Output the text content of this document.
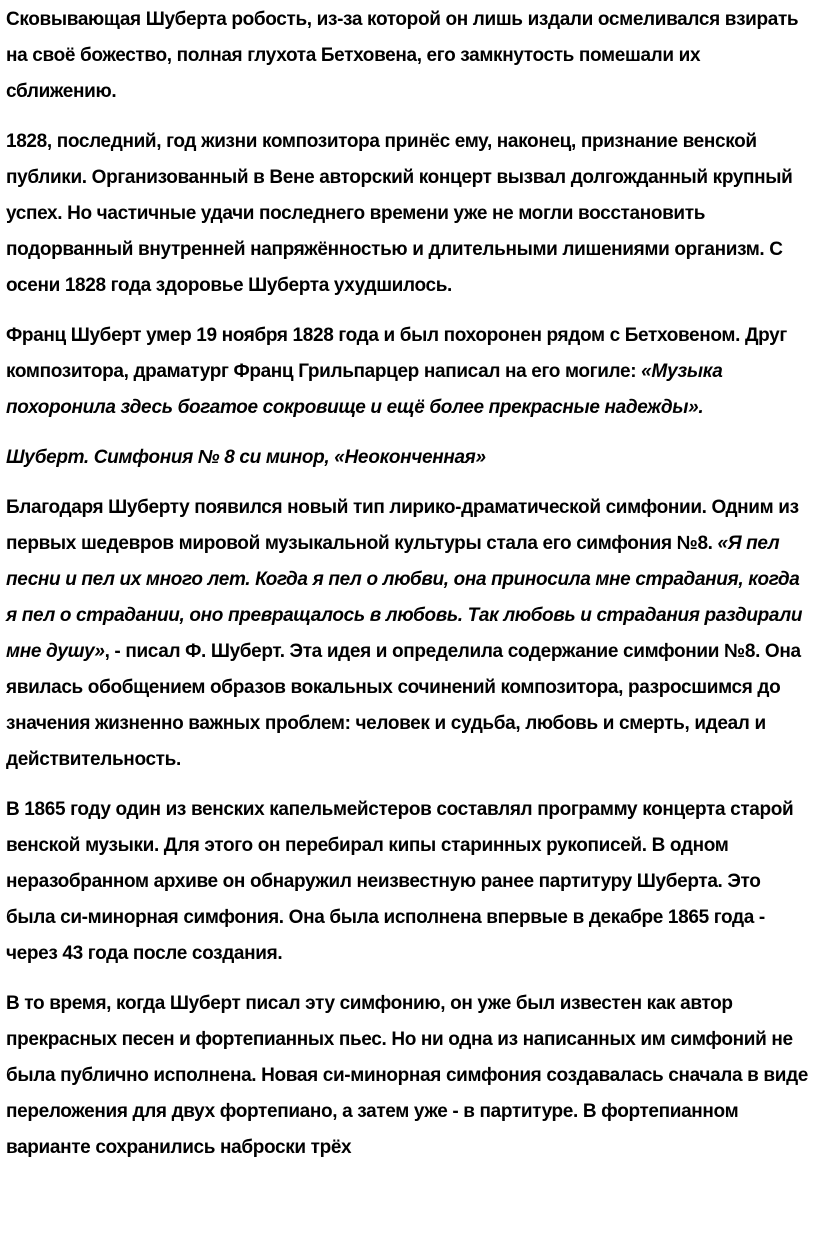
Сковывающая Шуберта робость, из-за которой он лишь издали осмеливался взирать на своё божество, полная глухота Бетховена, его замкнутость помешали их сближению.

1828, последний, год жизни композитора принёс ему, наконец, признание венской публики. Организованный в Вене авторский концерт вызвал долгожданный крупный успех. Но частичные удачи последнего времени уже не могли восстановить подорванный внутренней напряжённостью и длительными лишениями организм. С осени 1828 года здоровье Шуберта ухудшилось.

Франц Шуберт умер 19 ноября 1828 года и был похоронен рядом с Бетховеном. Друг композитора, драматург Франц Грильпарцер написал на его могиле: «Музыка похоронила здесь богатое сокровище и ещё более прекрасные надежды».

Шуберт. Симфония № 8 си минор, «Неоконченная»

Благодаря Шуберту появился новый тип лирико-драматической симфонии. Одним из первых шедевров мировой музыкальной культуры стала его симфония №8. «Я пел песни и пел их много лет. Когда я пел о любви, она приносила мне страдания, когда я пел о страдании, оно превращалось в любовь. Так любовь и страдания раздирали мне душу», - писал Ф. Шуберт. Эта идея и определила содержание симфонии №8. Она явилась обобщением образов вокальных сочинений композитора, разросшимся до значения жизненно важных проблем: человек и судьба, любовь и смерть, идеал и действительность.

В 1865 году один из венских капельмейстеров составлял программу концерта старой венской музыки. Для этого он перебирал кипы старинных рукописей. В одном неразобранном архиве он обнаружил неизвестную ранее партитуру Шуберта. Это была си-минорная симфония. Она была исполнена впервые в декабре 1865 года - через 43 года после создания.

В то время, когда Шуберт писал эту симфонию, он уже был известен как автор прекрасных песен и фортепианных пьес. Но ни одна из написанных им симфоний не была публично исполнена. Новая си-минорная симфония создавалась сначала в виде переложения для двух фортепиано, а затем уже - в партитуре. В фортепианном варианте сохранились наброски трёх
